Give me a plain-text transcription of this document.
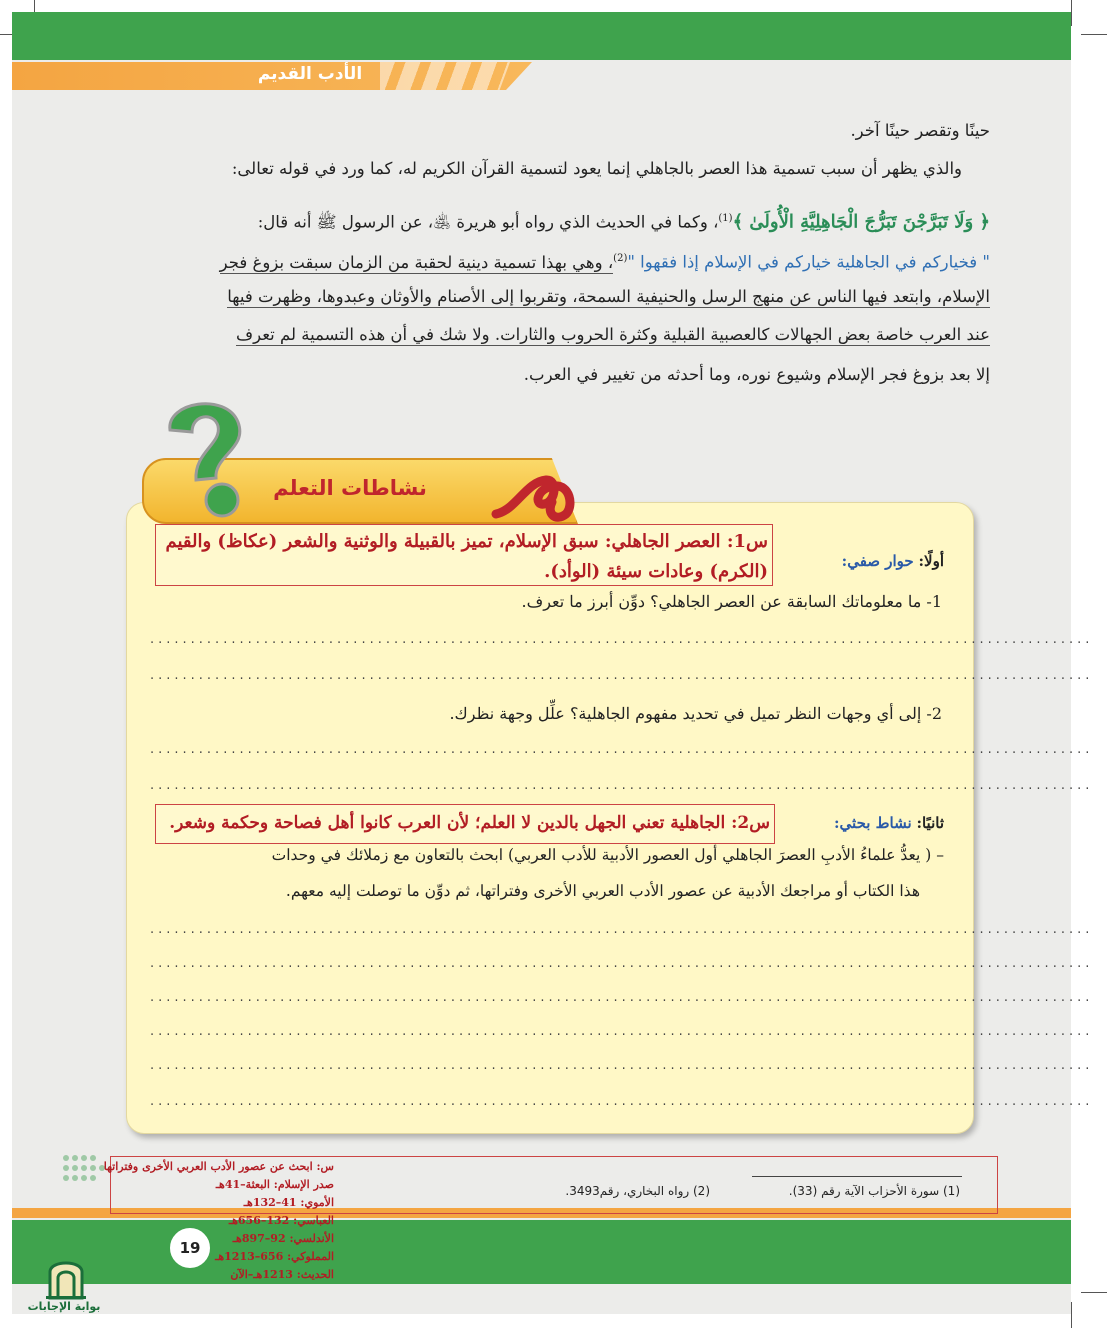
الأدب القديم
حينًا وتقصر حينًا آخر.
والذي يظهر أن سبب تسمية هذا العصر بالجاهلي إنما يعود لتسمية القرآن الكريم له، كما ورد في قوله تعالى:
﴿ وَلَا تَبَرَّجْنَ تَبَرُّجَ الْجَاهِلِيَّةِ الْأُولَىٰ ﴾$^{(1)}$، وكما في الحديث الذي رواه أبو هريرة ﵁، عن الرسول ﷺ أنه قال:
" فخياركم في الجاهلية خياركم في الإسلام إذا فقهوا "$^{(2)}$، وهي بهذا تسمية دينية لحقبة من الزمان سبقت بزوغ فجر
الإسلام، وابتعد فيها الناس عن منهج الرسل والحنيفية السمحة، وتقربوا إلى الأصنام والأوثان وعبدوها، وظهرت فيها
عند العرب خاصة بعض الجهالات كالعصبية القبلية وكثرة الحروب والثارات. ولا شك في أن هذه التسمية لم تعرف
إلا بعد بزوغ فجر الإسلام وشيوع نوره، وما أحدثه من تغيير في العرب.
نشاطات التعلم
س1: العصر الجاهلي: سبق الإسلام، تميز بالقبيلة والوثنية والشعر (عكاظ) والقيم (الكرم) وعادات سيئة (الوأد).	أولًا: حوار صفي:
1- ما معلوماتك السابقة عن العصر الجاهلي؟ دوِّن أبرز ما تعرف.
....................................................................................................................
....................................................................................................................
2- إلى أي وجهات النظر تميل في تحديد مفهوم الجاهلية؟ علِّل وجهة نظرك.
....................................................................................................................
....................................................................................................................
س2: الجاهلية تعني الجهل بالدين لا العلم؛ لأن العرب كانوا أهل فصاحة وحكمة وشعر.	ثانيًا: نشاط بحثي:
– ( يعدُّ علماءُ الأدبِ العصرَ الجاهلي أول العصور الأدبية للأدب العربي) ابحث بالتعاون مع زملائك في وحدات
هذا الكتاب أو مراجعك الأدبية عن عصور الأدب العربي الأخرى وفتراتها، ثم دوِّن ما توصلت إليه معهم.
....................................................................................................................
....................................................................................................................
....................................................................................................................
....................................................................................................................
....................................................................................................................
....................................................................................................................
(1) سورة الأحزاب الآية رقم (33).
(2) رواه البخاري، رقم3493.
19
س: ابحث عن عصور الأدب العربي الأخرى وفتراتها
صدر الإسلام: البعثة–41هـ
الأموي: 41–132هـ
العباسي: 132–656هـ
الأندلسي: 92–897هـ
المملوكي: 656–1213هـ
الحديث: 1213هـ–الآن
بوابة الإجابات
